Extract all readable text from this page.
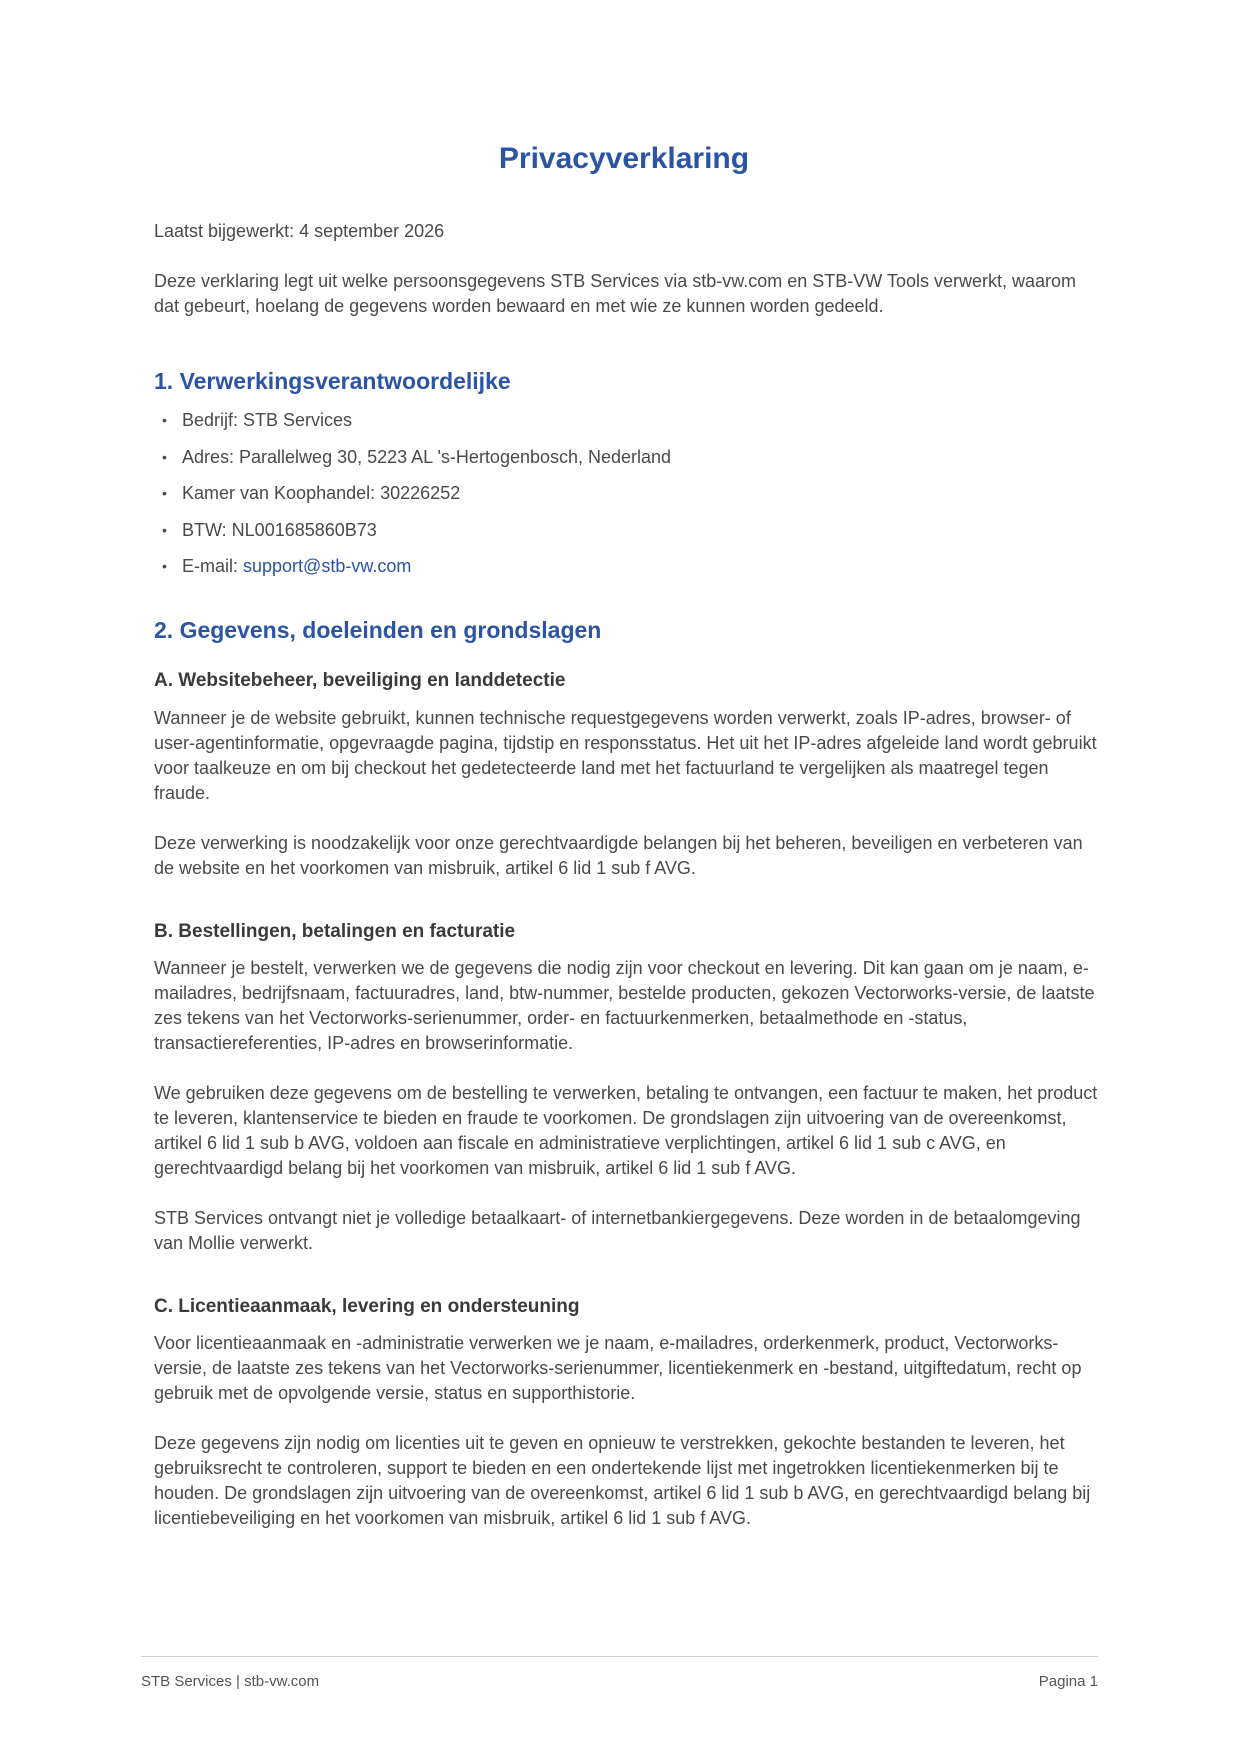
Privacyverklaring

Laatst bijgewerkt: 4 september 2026

Deze verklaring legt uit welke persoonsgegevens STB Services via stb-vw.com en STB-VW Tools verwerkt, waarom dat gebeurt, hoelang de gegevens worden bewaard en met wie ze kunnen worden gedeeld.

1. Verwerkingsverantwoordelijke
• Bedrijf: STB Services
• Adres: Parallelweg 30, 5223 AL 's-Hertogenbosch, Nederland
• Kamer van Koophandel: 30226252
• BTW: NL001685860B73
• E-mail: support@stb-vw.com
2. Gegevens, doeleinden en grondslagen
A. Websitebeheer, beveiliging en landdetectie

Wanneer je de website gebruikt, kunnen technische requestgegevens worden verwerkt, zoals IP-adres, browser- of user-agentinformatie, opgevraagde pagina, tijdstip en responsstatus. Het uit het IP-adres afgeleide land wordt gebruikt voor taalkeuze en om bij checkout het gedetecteerde land met het factuurland te vergelijken als maatregel tegen fraude.

Deze verwerking is noodzakelijk voor onze gerechtvaardigde belangen bij het beheren, beveiligen en verbeteren van de website en het voorkomen van misbruik, artikel 6 lid 1 sub f AVG.

B. Bestellingen, betalingen en facturatie

Wanneer je bestelt, verwerken we de gegevens die nodig zijn voor checkout en levering. Dit kan gaan om je naam, e-mailadres, bedrijfsnaam, factuuradres, land, btw-nummer, bestelde producten, gekozen Vectorworks-versie, de laatste zes tekens van het Vectorworks-serienummer, order- en factuurkenmerken, betaalmethode en -status, transactiereferenties, IP-adres en browserinformatie.

We gebruiken deze gegevens om de bestelling te verwerken, betaling te ontvangen, een factuur te maken, het product te leveren, klantenservice te bieden en fraude te voorkomen. De grondslagen zijn uitvoering van de overeenkomst, artikel 6 lid 1 sub b AVG, voldoen aan fiscale en administratieve verplichtingen, artikel 6 lid 1 sub c AVG, en gerechtvaardigd belang bij het voorkomen van misbruik, artikel 6 lid 1 sub f AVG.

STB Services ontvangt niet je volledige betaalkaart- of internetbankiergegevens. Deze worden in de betaalomgeving van Mollie verwerkt.

C. Licentieaanmaak, levering en ondersteuning

Voor licentieaanmaak en -administratie verwerken we je naam, e-mailadres, orderkenmerk, product, Vectorworks-versie, de laatste zes tekens van het Vectorworks-serienummer, licentiekenmerk en -bestand, uitgiftedatum, recht op gebruik met de opvolgende versie, status en supporthistorie.

Deze gegevens zijn nodig om licenties uit te geven en opnieuw te verstrekken, gekochte bestanden te leveren, het gebruiksrecht te controleren, support te bieden en een ondertekende lijst met ingetrokken licentiekenmerken bij te houden. De grondslagen zijn uitvoering van de overeenkomst, artikel 6 lid 1 sub b AVG, en gerechtvaardigd belang bij licentiebeveiliging en het voorkomen van misbruik, artikel 6 lid 1 sub f AVG.

STB Services | stb-vw.com	Pagina 1
